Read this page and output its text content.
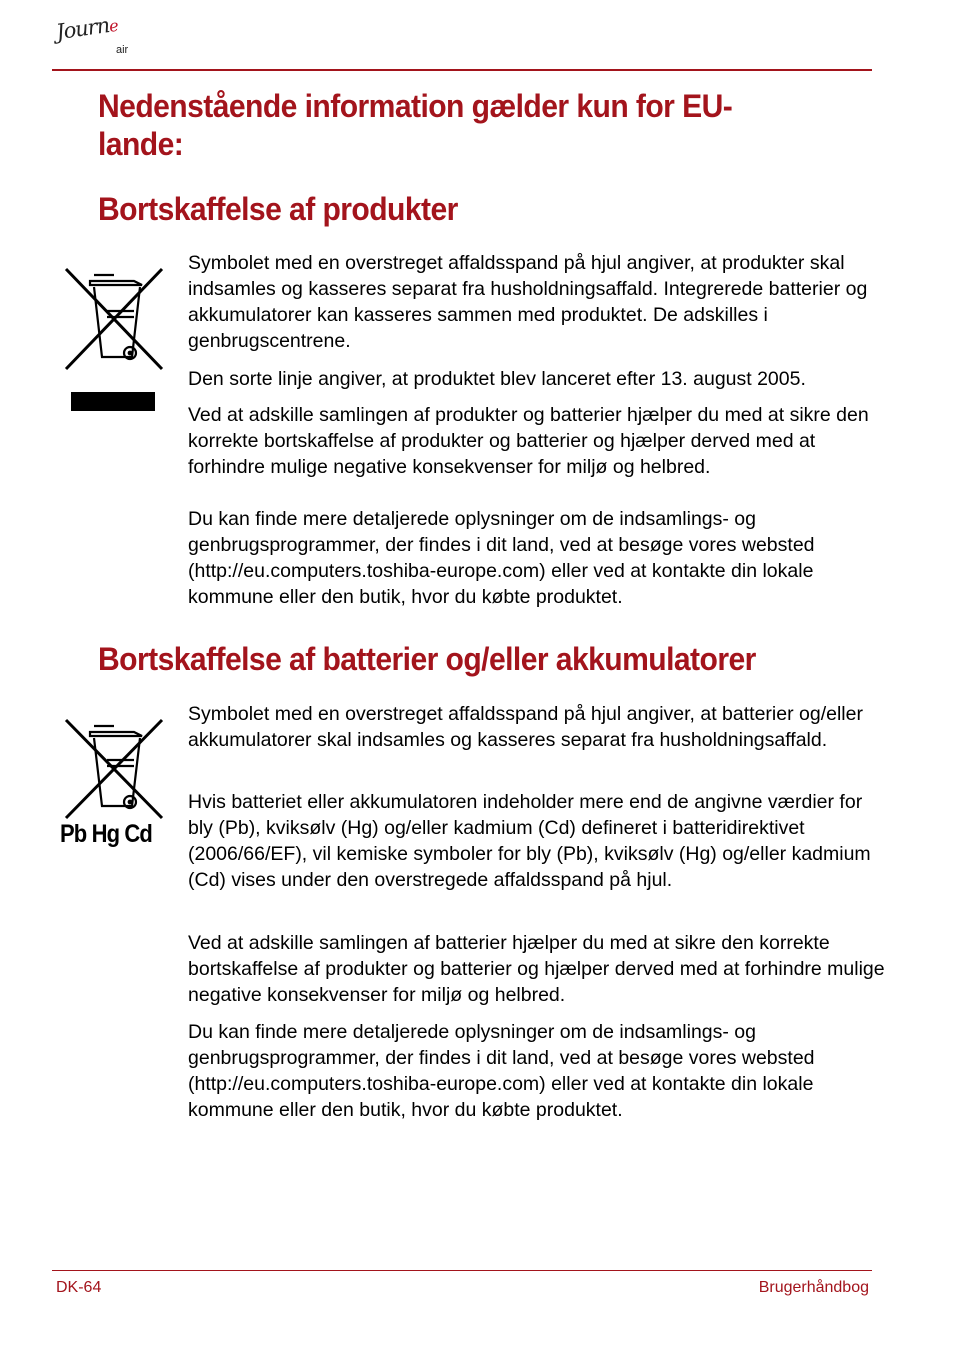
Journe
air
Nedenstående information gælder kun for EU-lande:
Bortskaffelse af produkter

Symbolet med en overstreget affaldsspand på hjul angiver, at produkter skal indsamles og kasseres separat fra husholdningsaffald. Integrerede batterier og akkumulatorer kan kasseres sammen med produktet. De adskilles i genbrugscentrene.

Den sorte linje angiver, at produktet blev lanceret efter 13. august 2005.

Ved at adskille samlingen af produkter og batterier hjælper du med at sikre den korrekte bortskaffelse af produkter og batterier og hjælper derved med at forhindre mulige negative konsekvenser for miljø og helbred.

Du kan finde mere detaljerede oplysninger om de indsamlings- og genbrugsprogrammer, der findes i dit land, ved at besøge vores websted (http://eu.computers.toshiba-europe.com) eller ved at kontakte din lokale kommune eller den butik, hvor du købte produktet.

Bortskaffelse af batterier og/eller akkumulatorer
Pb Hg Cd

Symbolet med en overstreget affaldsspand på hjul angiver, at batterier og/eller akkumulatorer skal indsamles og kasseres separat fra husholdningsaffald.

Hvis batteriet eller akkumulatoren indeholder mere end de angivne værdier for bly (Pb), kviksølv (Hg) og/eller kadmium (Cd) defineret i batteridirektivet (2006/66/EF), vil kemiske symboler for bly (Pb), kviksølv (Hg) og/eller kadmium (Cd) vises under den overstregede affaldsspand på hjul.

Ved at adskille samlingen af batterier hjælper du med at sikre den korrekte bortskaffelse af produkter og batterier og hjælper derved med at forhindre mulige negative konsekvenser for miljø og helbred.

Du kan finde mere detaljerede oplysninger om de indsamlings- og genbrugsprogrammer, der findes i dit land, ved at besøge vores websted (http://eu.computers.toshiba-europe.com) eller ved at kontakte din lokale kommune eller den butik, hvor du købte produktet.

DK-64	Brugerhåndbog
